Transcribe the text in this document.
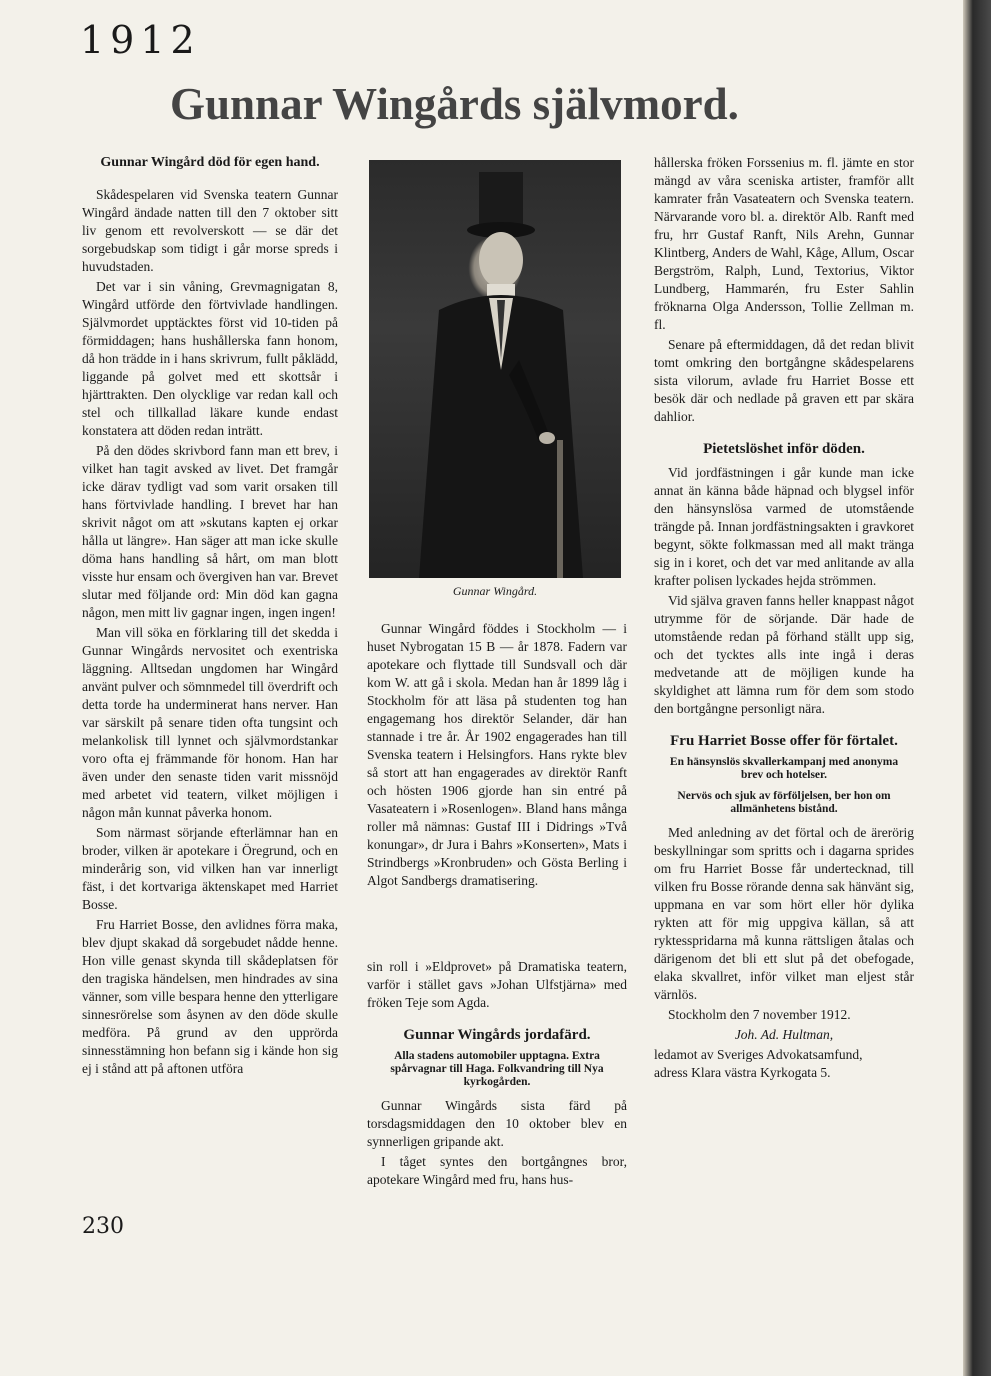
1912
Gunnar Wingårds självmord.
Gunnar Wingård död för egen hand.

Skådespelaren vid Svenska teatern Gunnar Wingård ändade natten till den 7 oktober sitt liv genom ett revolverskott — se där det sorgebudskap som tidigt i går morse spreds i huvudstaden.

Det var i sin våning, Grevmagnigatan 8, Wingård utförde den förtvivlade handlingen. Självmordet upptäcktes först vid 10-tiden på förmiddagen; hans hushållerska fann honom, då hon trädde in i hans skrivrum, fullt påklädd, liggande på golvet med ett skottsår i hjärttrakten. Den olycklige var redan kall och stel och tillkallad läkare kunde endast konstatera att döden redan inträtt.

På den dödes skrivbord fann man ett brev, i vilket han tagit avsked av livet. Det framgår icke därav tydligt vad som varit orsaken till hans förtvivlade handling. I brevet har han skrivit något om att »skutans kapten ej orkar hålla ut längre». Han säger att man icke skulle döma hans handling så hårt, om man blott visste hur ensam och övergiven han var. Brevet slutar med följande ord: Min död kan gagna någon, men mitt liv gagnar ingen, ingen ingen!

Man vill söka en förklaring till det skedda i Gunnar Wingårds nervositet och exentriska läggning. Alltsedan ungdomen har Wingård använt pulver och sömnmedel till överdrift och detta torde ha underminerat hans nerver. Han var särskilt på senare tiden ofta tungsint och melankolisk till lynnet och självmordstankar voro ofta ej främmande för honom. Han har även under den senaste tiden varit missnöjd med arbetet vid teatern, vilket möjligen i någon mån kunnat påverka honom.

Som närmast sörjande efterlämnar han en broder, vilken är apotekare i Öregrund, och en minderårig son, vid vilken han var innerligt fäst, i det kortvariga äktenskapet med Harriet Bosse.

Fru Harriet Bosse, den avlidnes förra maka, blev djupt skakad då sorgebudet nådde henne. Hon ville genast skynda till skådeplatsen för den tragiska händelsen, men hindrades av sina vänner, som ville bespara henne den ytterligare sinnesrörelse som åsynen av den döde skulle medföra. På grund av den upprörda sinnesstämning hon befann sig i kände hon sig ej i stånd att på aftonen utföra

Gunnar Wingård.

Gunnar Wingård föddes i Stockholm — i huset Nybrogatan 15 B — år 1878. Fadern var apotekare och flyttade till Sundsvall och där kom W. att gå i skola. Medan han år 1899 låg i Stockholm för att läsa på studenten tog han engagemang hos direktör Selander, där han stannade i tre år. År 1902 engagerades han till Svenska teatern i Helsingfors. Hans rykte blev så stort att han engagerades av direktör Ranft och hösten 1906 gjorde han sin entré på Vasateatern i »Rosenlogen». Bland hans många roller må nämnas: Gustaf III i Didrings »Två konungar», dr Jura i Bahrs »Konserten», Mats i Strindbergs »Kronbruden» och Gösta Berling i Algot Sandbergs dramatisering.

sin roll i »Eldprovet» på Dramatiska teatern, varför i stället gavs »Johan Ulfstjärna» med fröken Teje som Agda.

Gunnar Wingårds jordafärd.
Alla stadens automobiler upptagna. Extra spårvagnar till Haga. Folkvandring till Nya kyrkogården.

Gunnar Wingårds sista färd på torsdagsmiddagen den 10 oktober blev en synnerligen gripande akt.

I tåget syntes den bortgångnes bror, apotekare Wingård med fru, hans hus-

hållerska fröken Forssenius m. fl. jämte en stor mängd av våra sceniska artister, framför allt kamrater från Vasateatern och Svenska teatern. Närvarande voro bl. a. direktör Alb. Ranft med fru, hrr Gustaf Ranft, Nils Arehn, Gunnar Klintberg, Anders de Wahl, Kåge, Allum, Oscar Bergström, Ralph, Lund, Textorius, Viktor Lundberg, Hammarén, fru Ester Sahlin fröknarna Olga Andersson, Tollie Zellman m. fl.

Senare på eftermiddagen, då det redan blivit tomt omkring den bortgångne skådespelarens sista vilorum, avlade fru Harriet Bosse ett besök där och nedlade på graven ett par skära dahlior.

Pietetslöshet inför döden.

Vid jordfästningen i går kunde man icke annat än känna både häpnad och blygsel inför den hänsynslösa varmed de utomstående trängde på. Innan jordfästningsakten i gravkoret begynt, sökte folkmassan med all makt tränga sig in i koret, och det var med anlitande av alla krafter polisen lyckades hejda strömmen.

Vid själva graven fanns heller knappast något utrymme för de sörjande. Där hade de utomstående redan på förhand ställt upp sig, och det tycktes alls inte ingå i deras medvetande att de möjligen kunde ha skyldighet att lämna rum för dem som stodo den bortgångne personligt nära.

Fru Harriet Bosse offer för förtalet.
En hänsynslös skvallerkampanj med anonyma brev och hotelser.
Nervös och sjuk av förföljelsen, ber hon om allmänhetens bistånd.

Med anledning av det förtal och de ärerörig beskyllningar som spritts och i dagarna sprides om fru Harriet Bosse får undertecknad, till vilken fru Bosse rörande denna sak hänvänt sig, uppmana en var som hört eller hör dylika rykten att för mig uppgiva källan, så att ryktesspridarna må kunna rättsligen åtalas och därigenom det bli ett slut på det obefogade, elaka skvallret, inför vilket man eljest står värnlös.

Stockholm den 7 november 1912.

Joh. Ad. Hultman,
ledamot av Sveriges Advokatsamfund,
adress Klara västra Kyrkogata 5.
230
